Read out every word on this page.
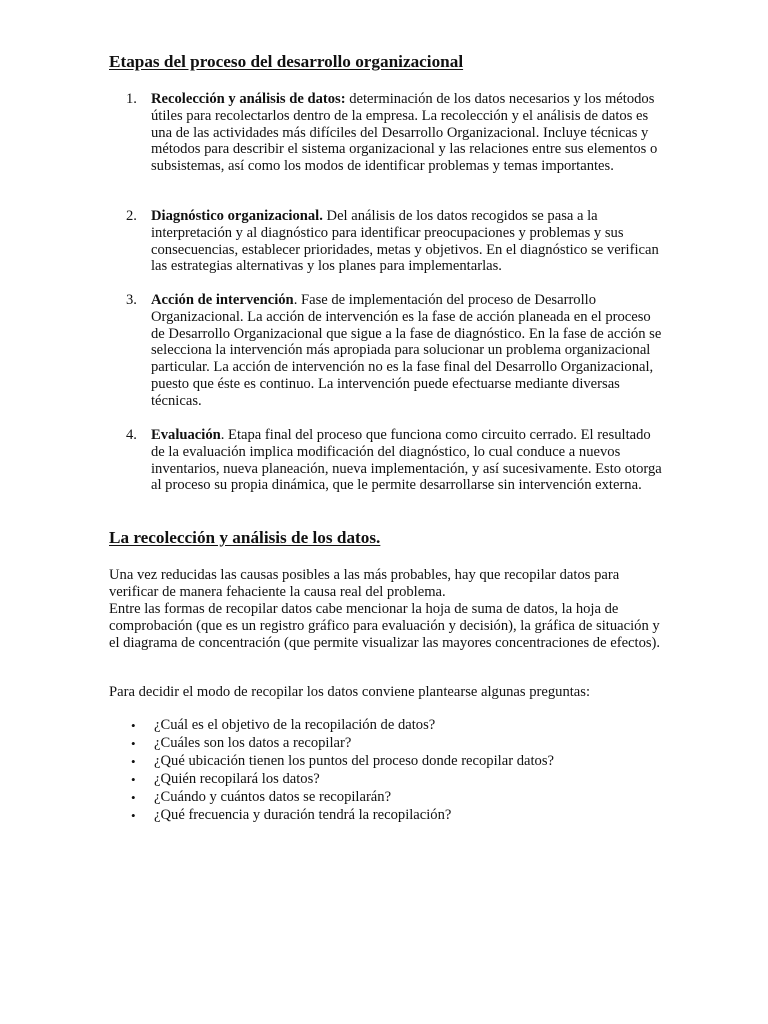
Etapas del proceso del desarrollo organizacional
1. Recolección y análisis de datos: determinación de los datos necesarios y los métodos útiles para recolectarlos dentro de la empresa. La recolección y el análisis de datos es una de las actividades más difíciles del Desarrollo Organizacional. Incluye técnicas y métodos para describir el sistema organizacional y las relaciones entre sus elementos o subsistemas, así como los modos de identificar problemas y temas importantes.
2. Diagnóstico organizacional. Del análisis de los datos recogidos se pasa a la interpretación y al diagnóstico para identificar preocupaciones y problemas y sus consecuencias, establecer prioridades, metas y objetivos. En el diagnóstico se verifican las estrategias alternativas y los planes para implementarlas.
3. Acción de intervención. Fase de implementación del proceso de Desarrollo Organizacional. La acción de intervención es la fase de acción planeada en el proceso de Desarrollo Organizacional que sigue a la fase de diagnóstico. En la fase de acción se selecciona la intervención más apropiada para solucionar un problema organizacional particular. La acción de intervención no es la fase final del Desarrollo Organizacional, puesto que éste es continuo. La intervención puede efectuarse mediante diversas técnicas.
4. Evaluación. Etapa final del proceso que funciona como circuito cerrado. El resultado de la evaluación implica modificación del diagnóstico, lo cual conduce a nuevos inventarios, nueva planeación, nueva implementación, y así sucesivamente. Esto otorga al proceso su propia dinámica, que le permite desarrollarse sin intervención externa.
La recolección y análisis de los datos.
Una vez reducidas las causas posibles a las más probables, hay que recopilar datos para verificar de manera fehaciente la causa real del problema.
Entre las formas de recopilar datos cabe mencionar la hoja de suma de datos, la hoja de comprobación (que es un registro gráfico para evaluación y decisión), la gráfica de situación y el diagrama de concentración (que permite visualizar las mayores concentraciones de efectos).
Para decidir el modo de recopilar los datos conviene plantearse algunas preguntas:
• ¿Cuál es el objetivo de la recopilación de datos?
• ¿Cuáles son los datos a recopilar?
• ¿Qué ubicación tienen los puntos del proceso donde recopilar datos?
• ¿Quién recopilará los datos?
• ¿Cuándo y cuántos datos se recopilarán?
• ¿Qué frecuencia y duración tendrá la recopilación?
